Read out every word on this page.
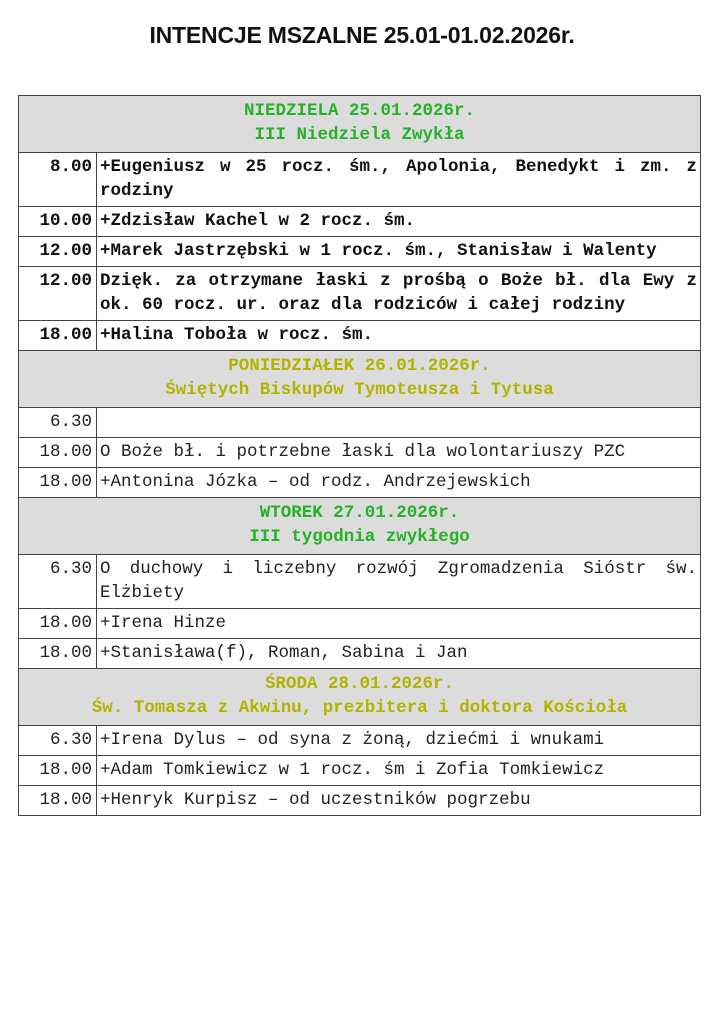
INTENCJE MSZALNE 25.01-01.02.2026r.
NIEDZIELA 25.01.2026r.
III Niedziela Zwykła	

8.00	+Eugeniusz w 25 rocz. śm., Apolonia, Benedykt i zm. z rodziny
10.00	+Zdzisław Kachel w 2 rocz. śm.
12.00	+Marek Jastrzębski w 1 rocz. śm., Stanisław i Walenty
12.00	Dzięk. za otrzymane łaski z prośbą o Boże bł. dla Ewy z ok. 60 rocz. ur. oraz dla rodziców i całej rodziny
18.00	+Halina Toboła w rocz. śm.

PONIEDZIAŁEK 26.01.2026r.
Świętych Biskupów Tymoteusza i Tytusa	

6.30	
18.00	O Boże bł. i potrzebne łaski dla wolontariuszy PZC
18.00	+Antonina Józka – od rodz. Andrzejewskich

WTOREK 27.01.2026r.
III tygodnia zwykłego	

6.30	O duchowy i liczebny rozwój Zgromadzenia Sióstr św. Elżbiety
18.00	+Irena Hinze
18.00	+Stanisława(f), Roman, Sabina i Jan

ŚRODA 28.01.2026r.
Św. Tomasza z Akwinu, prezbitera i doktora Kościoła	

6.30	+Irena Dylus – od syna z żoną, dziećmi i wnukami
18.00	+Adam Tomkiewicz w 1 rocz. śm i Zofia Tomkiewicz
18.00	+Henryk Kurpisz – od uczestników pogrzebu
